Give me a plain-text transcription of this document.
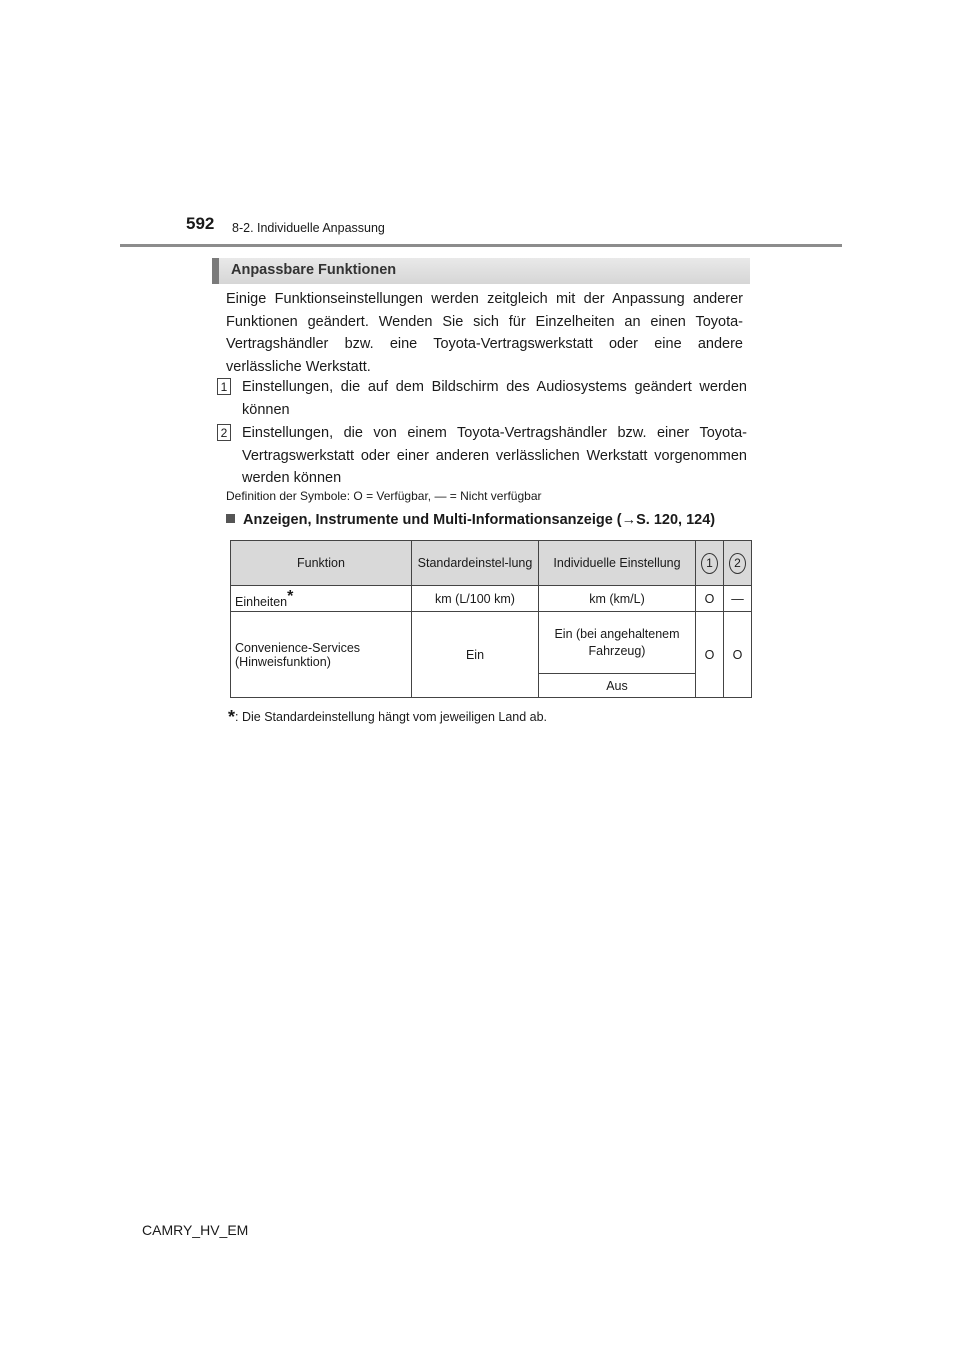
592 8-2. Individuelle Anpassung
Anpassbare Funktionen
Einige Funktionseinstellungen werden zeitgleich mit der Anpassung anderer Funktionen geändert. Wenden Sie sich für Einzelheiten an einen Toyota-Vertragshändler bzw. eine Toyota-Vertragswerkstatt oder eine andere verlässliche Werkstatt.
1 Einstellungen, die auf dem Bildschirm des Audiosystems geändert werden können
2 Einstellungen, die von einem Toyota-Vertragshändler bzw. einer Toyota-Vertragswerkstatt oder einer anderen verlässlichen Werkstatt vorgenommen werden können
Definition der Symbole: O = Verfügbar, — = Nicht verfügbar
Anzeigen, Instrumente und Multi-Informationsanzeige (→S. 120, 124)
Funktion	Standardeinstel-lung	Individuelle Einstellung	1	2
Einheiten*	km (L/100 km)	km (km/L)	O	—
Convenience-Services (Hinweisfunktion)	Ein	Ein (bei angehaltenem Fahrzeug)	O	O
		Aus		
*: Die Standardeinstellung hängt vom jeweiligen Land ab.
CAMRY_HV_EM
